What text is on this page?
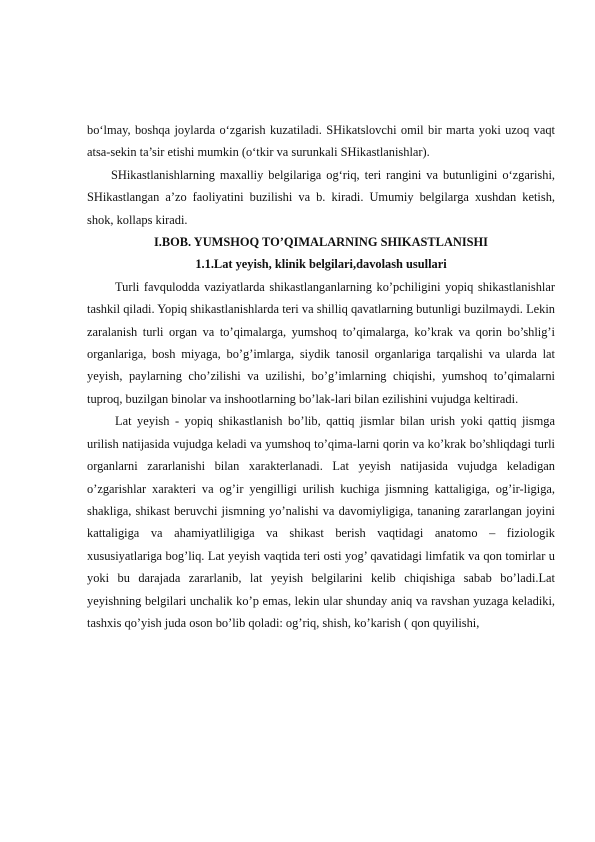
bo‘lmay, boshqa joylarda o‘zgarish kuzatiladi. SHikatslovchi omil bir marta yoki uzoq vaqt atsa-sekin ta’sir etishi mumkin (o‘tkir va surunkali SHikastlanishlar).

SHikastlanishlarning maxalliy belgilariga og‘riq, teri rangini va butunligini o‘zgarishi, SHikastlangan a’zo faoliyatini buzilishi va b. kiradi. Umumiy belgilarga xushdan ketish, shok, kollaps kiradi.

I.BOB. YUMSHOQ TO’QIMALARNING SHIKASTLANISHI
1.1.Lat yeyish, klinik belgilari,davolash usullari

Turli favqulodda vaziyatlarda shikastlanganlarning ko’pchiligini yopiq shikastlanishlar tashkil qiladi. Yopiq shikastlanishlarda teri va shilliq qavatlarning butunligi buzilmaydi. Lekin zaralanish turli organ va to’qimalarga, yumshoq to’qimalarga, ko’krak va qorin bo’shlig’i organlariga, bosh miyaga, bo’g’imlarga, siydik tanosil organlariga tarqalishi va ularda lat yeyish, paylarning cho’zilishi va uzilishi, bo’g’imlarning chiqishi, yumshoq to’qimalarni tuproq, buzilgan binolar va inshootlarning bo’lak-lari bilan ezilishini vujudga keltiradi.

Lat yeyish - yopiq shikastlanish bo’lib, qattiq jismlar bilan urish yoki qattiq jismga urilish natijasida vujudga keladi va yumshoq to’qima-larni qorin va ko’krak bo’shliqdagi turli organlarni zararlanishi bilan xarakterlanadi. Lat yeyish natijasida vujudga keladigan o’zgarishlar xarakteri va og’ir yengilligi urilish kuchiga jismning kattaligiga, og’ir-ligiga, shakliga, shikast beruvchi jismning yo’nalishi va davomiyligiga, tananing zararlangan joyini kattaligiga va ahamiyatliligiga va shikast berish vaqtidagi anatomo – fiziologik xususiyatlariga bog’liq. Lat yeyish vaqtida teri osti yog’ qavatidagi limfatik va qon tomirlar u yoki bu darajada zararlanib, lat yeyish belgilarini kelib chiqishiga sabab bo’ladi.Lat yeyishning belgilari unchalik ko’p emas, lekin ular shunday aniq va ravshan yuzaga keladiki, tashxis qo’yish juda oson bo’lib qoladi: og’riq, shish, ko’karish ( qon quyilishi,
